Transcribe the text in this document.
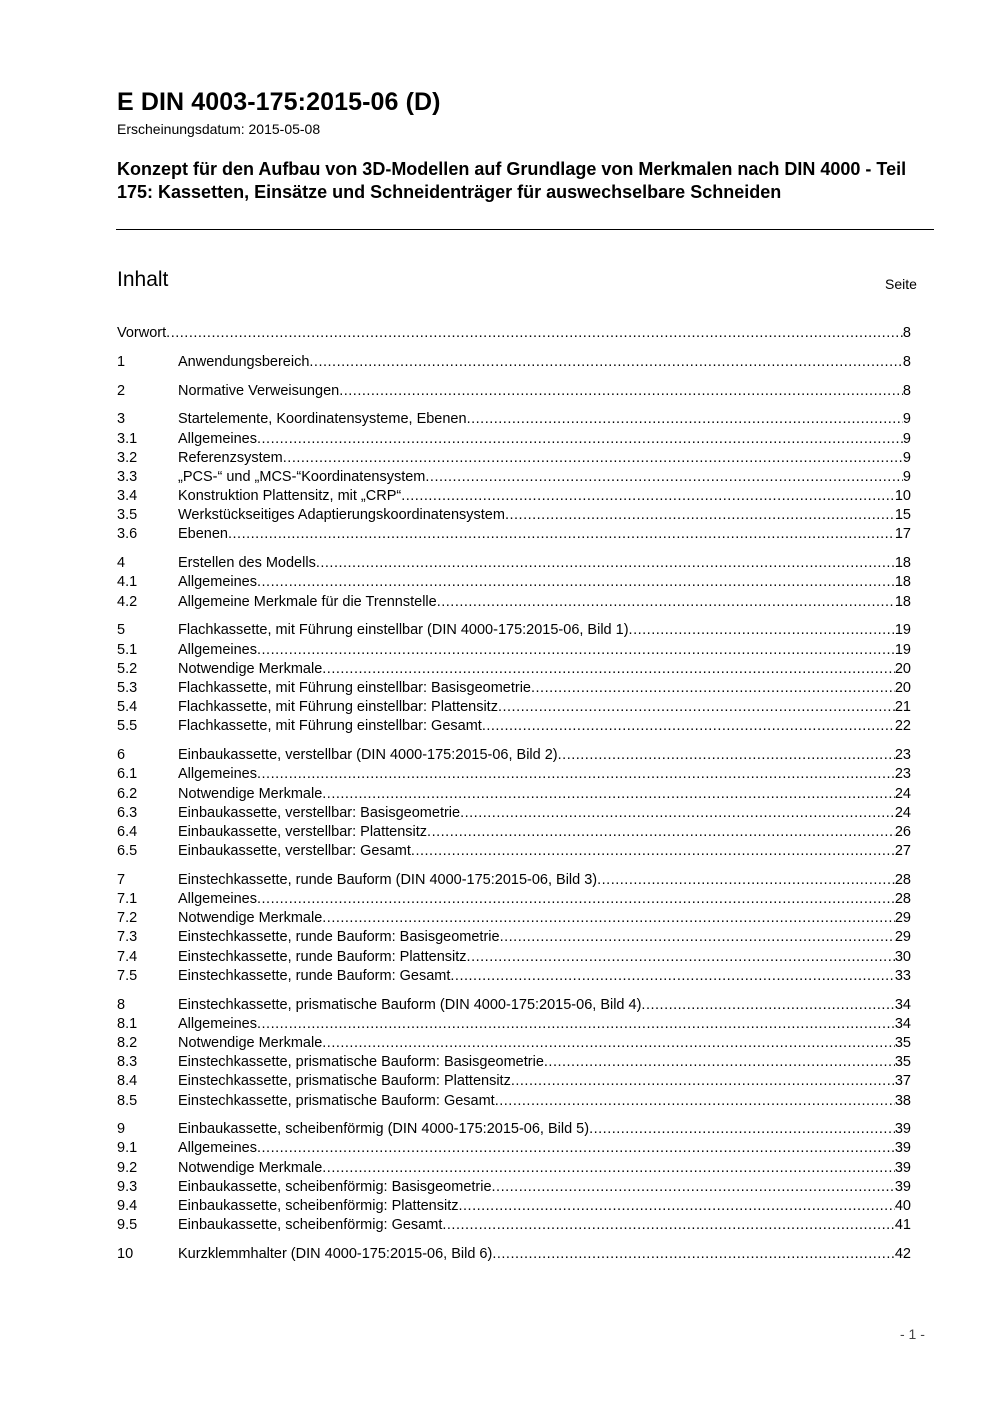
E DIN 4003-175:2015-06 (D)
Erscheinungsdatum: 2015-05-08
Konzept für den Aufbau von 3D-Modellen auf Grundlage von Merkmalen nach DIN 4000 - Teil 175: Kassetten, Einsätze und Schneidenträger für auswechselbare Schneiden
Inhalt	Seite
Vorwort .....	8
1	Anwendungsbereich .....	8
2	Normative Verweisungen .....	8
3	Startelemente, Koordinatensysteme, Ebenen .....	9
3.1	Allgemeines .....	9
3.2	Referenzsystem .....	9
3.3	„PCS-“ und „MCS-“Koordinatensystem .....	9
3.4	Konstruktion Plattensitz, mit „CRP“ .....	10
3.5	Werkstückseitiges Adaptierungskoordinatensystem .....	15
3.6	Ebenen .....	17
4	Erstellen des Modells .....	18
4.1	Allgemeines .....	18
4.2	Allgemeine Merkmale für die Trennstelle .....	18
5	Flachkassette, mit Führung einstellbar (DIN 4000-175:2015-06, Bild 1) .....	19
5.1	Allgemeines .....	19
5.2	Notwendige Merkmale .....	20
5.3	Flachkassette, mit Führung einstellbar: Basisgeometrie .....	20
5.4	Flachkassette, mit Führung einstellbar: Plattensitz .....	21
5.5	Flachkassette, mit Führung einstellbar: Gesamt .....	22
6	Einbaukassette, verstellbar (DIN 4000-175:2015-06, Bild 2) .....	23
6.1	Allgemeines .....	23
6.2	Notwendige Merkmale .....	24
6.3	Einbaukassette, verstellbar: Basisgeometrie .....	24
6.4	Einbaukassette, verstellbar: Plattensitz .....	26
6.5	Einbaukassette, verstellbar: Gesamt .....	27
7	Einstechkassette, runde Bauform (DIN 4000-175:2015-06, Bild 3) .....	28
7.1	Allgemeines .....	28
7.2	Notwendige Merkmale .....	29
7.3	Einstechkassette, runde Bauform: Basisgeometrie .....	29
7.4	Einstechkassette, runde Bauform: Plattensitz .....	30
7.5	Einstechkassette, runde Bauform: Gesamt .....	33
8	Einstechkassette, prismatische Bauform (DIN 4000-175:2015-06, Bild 4) .....	34
8.1	Allgemeines .....	34
8.2	Notwendige Merkmale .....	35
8.3	Einstechkassette, prismatische Bauform: Basisgeometrie .....	35
8.4	Einstechkassette, prismatische Bauform: Plattensitz .....	37
8.5	Einstechkassette, prismatische Bauform: Gesamt .....	38
9	Einbaukassette, scheibenförmig (DIN 4000-175:2015-06, Bild 5) .....	39
9.1	Allgemeines .....	39
9.2	Notwendige Merkmale .....	39
9.3	Einbaukassette, scheibenförmig: Basisgeometrie .....	39
9.4	Einbaukassette, scheibenförmig: Plattensitz .....	40
9.5	Einbaukassette, scheibenförmig: Gesamt .....	41
10	Kurzklemmhalter (DIN 4000-175:2015-06, Bild 6) .....	42
- 1 -
